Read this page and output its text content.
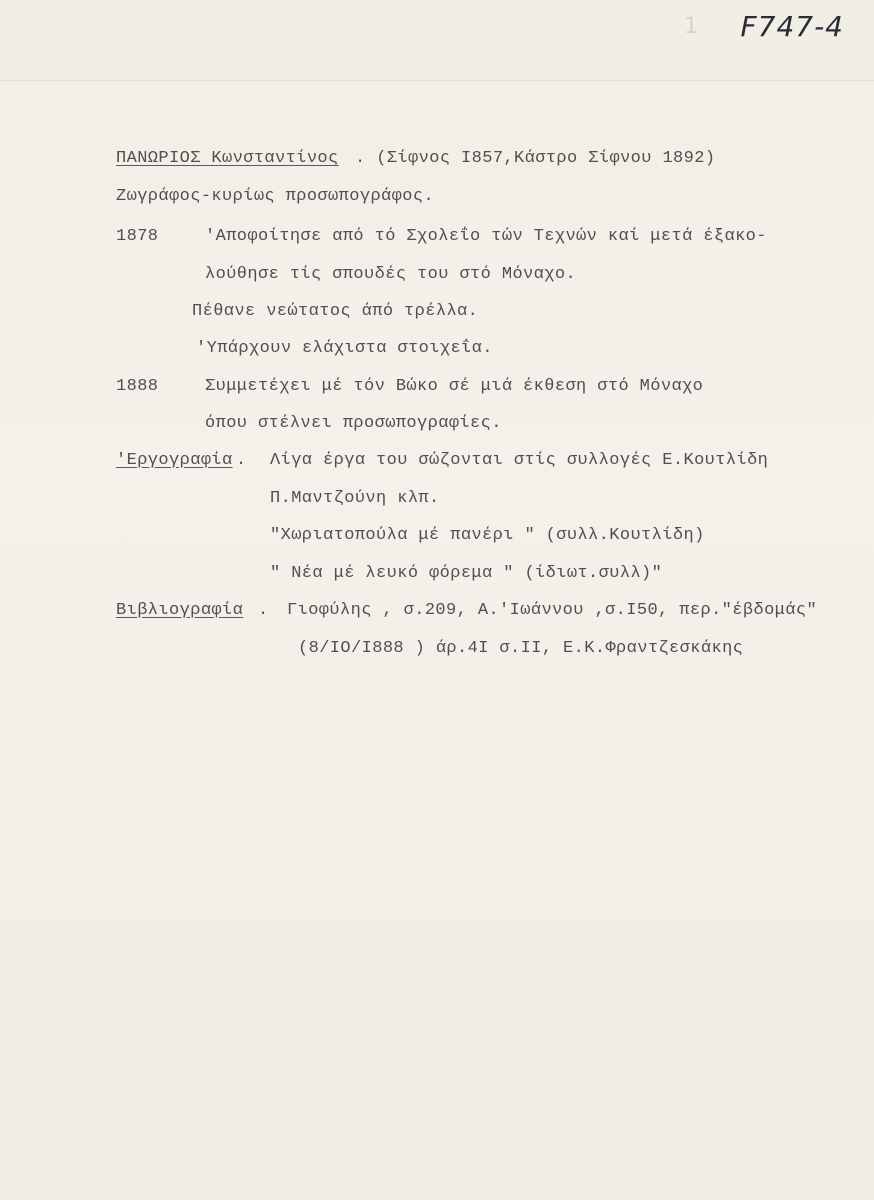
1 F747-4
ΠΑΝΩΡΙΟΣ Κωνσταντίνος . (Σίφνος Ι857,Κάστρο Σίφνου 1892)
Ζωγράφος-κυρίως προσωπογράφος.
1878	'Αποφοίτησε από τό Σχολεΐο τών Τεχνών καί μετά έξακο-
λούθησε τίς σπουδές του στό Μόναχο.
Πέθανε νεώτατος άπό τρέλλα.
'Υπάρχουν ελάχιστα στοιχεΐα.
1888	Συμμετέχει μέ τόν Βώκο σέ μιά έκθεση στό Μόναχο
όπου στέλνει προσωπογραφίες.
'Εργογραφία . Λίγα έργα του σώζονται στίς συλλογές Ε.Κουτλίδη
Π.Μαντζούνη κλπ.
"Χωριατοπούλα μέ πανέρι " (συλλ.Κουτλίδη)
" Νέα μέ λευκό φόρεμα " (ίδιωτ.συλλ)"
Βιβλιογραφία . Γιοφύλης , σ.209, Α.'Ιωάννου ,σ.Ι50, περ."έβδομάς"
(8/ΙΟ/Ι888 ) άρ.4Ι σ.ΙΙ, Ε.Κ.Φραντζεσκάκης
